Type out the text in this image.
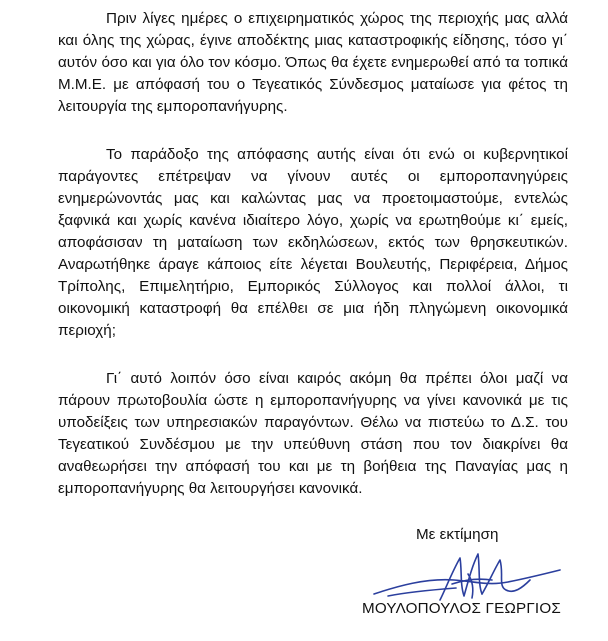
Πριν λίγες ημέρες ο επιχειρηματικός χώρος της περιοχής μας αλλά και όλης της χώρας, έγινε αποδέκτης μιας καταστροφικής είδησης, τόσο γι΄ αυτόν όσο και για όλο τον κόσμο. Όπως θα έχετε ενημερωθεί από τα τοπικά Μ.Μ.Ε. με απόφασή του ο Τεγεατικός Σύνδεσμος ματαίωσε για φέτος τη λειτουργία της εμποροπανήγυρης.

Το παράδοξο της απόφασης αυτής είναι ότι ενώ οι κυβερνητικοί παράγοντες επέτρεψαν να γίνουν αυτές οι εμποροπανηγύρεις ενημερώνοντάς μας και καλώντας μας να προετοιμαστούμε, εντελώς ξαφνικά και χωρίς κανένα ιδιαίτερο λόγο, χωρίς να ερωτηθούμε κι΄ εμείς, αποφάσισαν τη ματαίωση των εκδηλώσεων, εκτός των θρησκευτικών. Αναρωτήθηκε άραγε κάποιος είτε λέγεται Βουλευτής, Περιφέρεια, Δήμος Τρίπολης, Επιμελητήριο, Εμπορικός Σύλλογος και πολλοί άλλοι, τι οικονομική καταστροφή θα επέλθει σε μια ήδη πληγώμενη οικονομικά περιοχή;

Γι΄ αυτό λοιπόν όσο είναι καιρός ακόμη θα πρέπει όλοι μαζί να πάρουν πρωτοβουλία ώστε η εμποροπανήγυρης να γίνει κανονικά με τις υποδείξεις των υπηρεσιακών παραγόντων. Θέλω να πιστεύω το Δ.Σ. του Τεγεατικού Συνδέσμου με την υπεύθυνη στάση που τον διακρίνει θα αναθεωρήσει την απόφασή του και με τη βοήθεια της Παναγίας μας η εμποροπανήγυρης θα λειτουργήσει κανονικά.

Με εκτίμηση
ΜΟΥΛΟΠΟΥΛΟΣ ΓΕΩΡΓΙΟΣ
